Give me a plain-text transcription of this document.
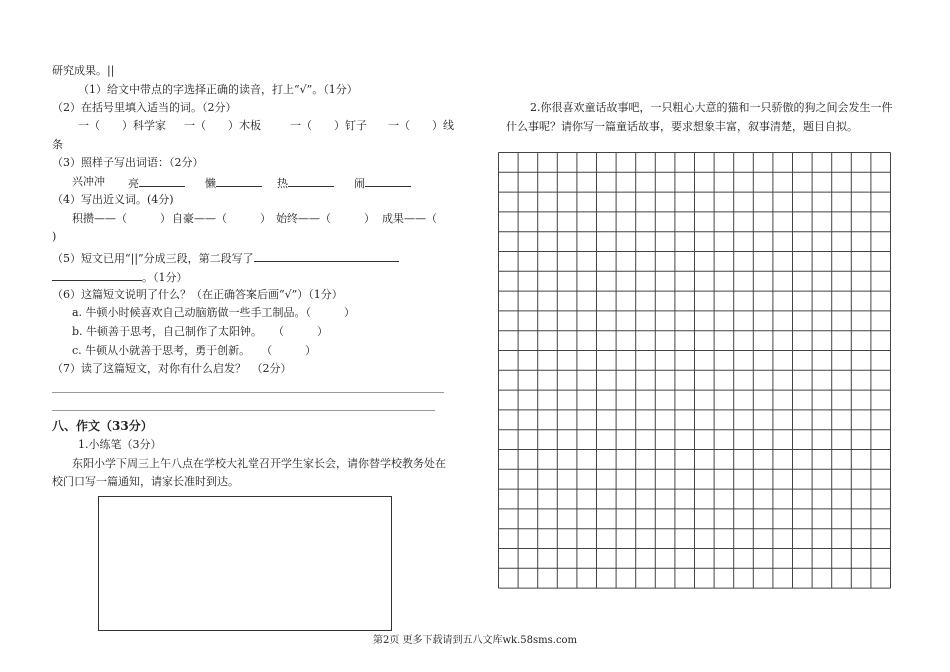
研究成果。||
（1）给文中带点的字选择正确的读音，打上“√”。（1分）
（2）在括号里填入适当的词。（2分）
一（　　）科学家 一（　　）木板	一（　　）钉子 一（　　）线
条
（3）照样子写出词语：（2分）
兴冲冲 亮	懒	热	闹
（4）写出近义词。(4分)
积攒——（　　　） 自豪——（　　　） 始终——（　　　） 成果——（
)
（5）短文已用“||”分成三段，第二段写了
。（1分）
（6）这篇短文说明了什么？（在正确答案后画“√”）（1分）
a. 牛顿小时候喜欢自己动脑筋做一些手工制品。（　　　）
b. 牛顿善于思考，自己制作了太阳钟。　　（　　　）
c. 牛顿从小就善于思考，勇于创新。　　（　　　）
（7）读了这篇短文，对你有什么启发？　（2分）
八、作文（33分）
1.小练笔（3分）
东阳小学下周三上午八点在学校大礼堂召开学生家长会，请你替学校教务处在
校门口写一篇通知，请家长准时到达。
2.你很喜欢童话故事吧，一只粗心大意的猫和一只骄傲的狗之间会发生一件
什么事呢？请你写一篇童话故事，要求想象丰富，叙事清楚，题目自拟。
第2页 更多下载请到五八文库wk.58sms.com
